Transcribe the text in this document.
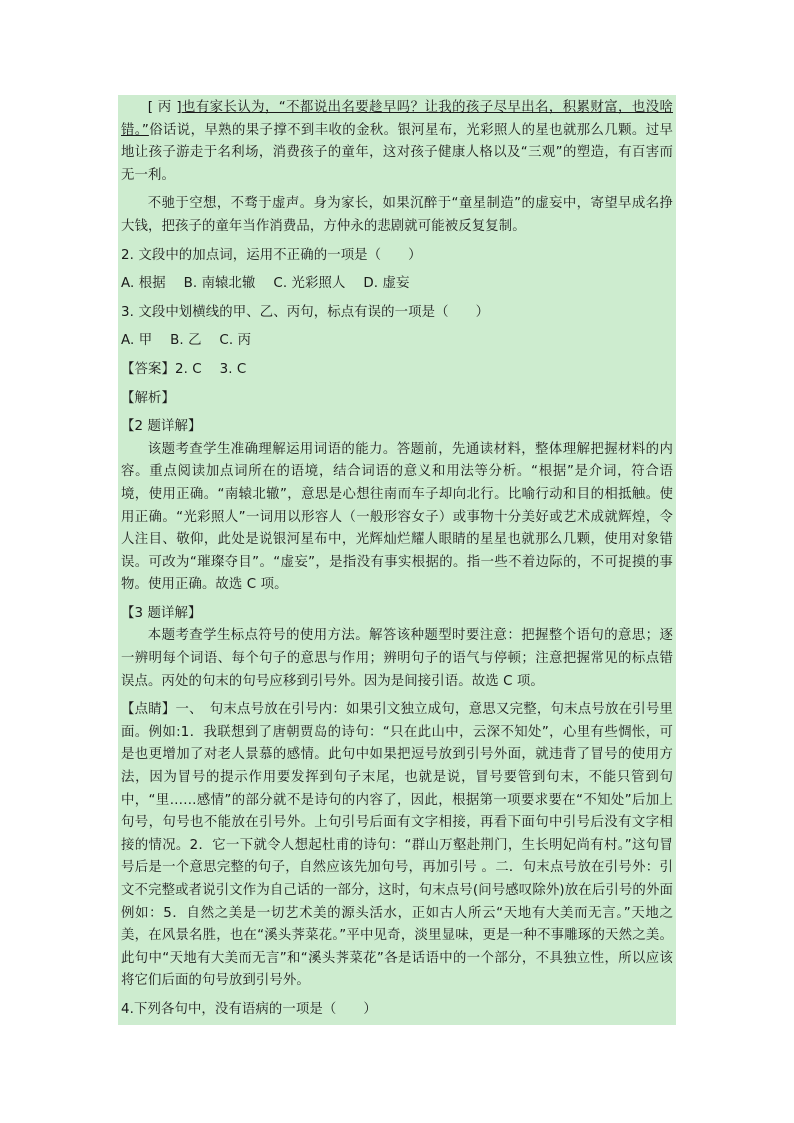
[ 丙 ]也有家长认为，“不都说出名要趁早吗？让我的孩子尽早出名，积累财富，也没啥错。”俗话说，早熟的果子撑不到丰收的金秋。银河星布，光彩照人的星也就那么几颗。过早地让孩子游走于名利场，消费孩子的童年，这对孩子健康人格以及“三观”的塑造，有百害而无一利。

不驰于空想，不骛于虚声。身为家长，如果沉醉于“童星制造”的虚妄中，寄望早成名挣大钱，把孩子的童年当作消费品，方仲永的悲剧就可能被反复复制。

2. 文段中的加点词，运用不正确的一项是（　　）

A. 根据　 B. 南辕北辙　 C. 光彩照人　 D. 虚妄

3. 文段中划横线的甲、乙、丙句，标点有误的一项是（　　）

A. 甲　 B. 乙　 C. 丙

【答案】2. C　 3. C

【解析】

【2 题详解】

该题考查学生准确理解运用词语的能力。答题前，先通读材料，整体理解把握材料的内容。重点阅读加点词所在的语境，结合词语的意义和用法等分析。“根据”是介词，符合语境，使用正确。“南辕北辙”，意思是心想往南而车子却向北行。比喻行动和目的相抵触。使用正确。“光彩照人”一词用以形容人（一般形容女子）或事物十分美好或艺术成就辉煌，令人注目、敬仰，此处是说银河星布中，光辉灿烂耀人眼睛的星星也就那么几颗，使用对象错误。可改为“璀璨夺目”。“虚妄”，是指没有事实根据的。指一些不着边际的，不可捉摸的事物。使用正确。故选 C 项。

【3 题详解】

本题考查学生标点符号的使用方法。解答该种题型时要注意：把握整个语句的意思；逐一辨明每个词语、每个句子的意思与作用；辨明句子的语气与停顿；注意把握常见的标点错误点。丙处的句末的句号应移到引号外。因为是间接引语。故选 C 项。

【点睛】一、　句末点号放在引号内：如果引文独立成句，意思又完整，句末点号放在引号里面。例如:1．我联想到了唐朝贾岛的诗句：“只在此山中，云深不知处”，心里有些惆怅，可是也更增加了对老人景慕的感情。此句中如果把逗号放到引号外面，就违背了冒号的使用方法，因为冒号的提示作用要发挥到句子末尾，也就是说，冒号要管到句末，不能只管到句中，“里……感情”的部分就不是诗句的内容了，因此，根据第一项要求要在“不知处”后加上句号，句号也不能放在引号外。上句引号后面有文字相接，再看下面句中引号后没有文字相接的情况。2．它一下就令人想起杜甫的诗句：“群山万壑赴荆门，生长明妃尚有村。”这句冒号后是一个意思完整的句子，自然应该先加句号，再加引号 。二．句末点号放在引号外：引文不完整或者说引文作为自己话的一部分，这时，句末点号(问号感叹除外)放在后引号的外面例如：5．自然之美是一切艺术美的源头活水，正如古人所云“天地有大美而无言。”天地之美，在风景名胜，也在“溪头荠菜花。”平中见奇，淡里显味，更是一种不事雕琢的天然之美。此句中“天地有大美而无言”和“溪头荠菜花”各是话语中的一个部分，不具独立性，所以应该将它们后面的句号放到引号外。

4.下列各句中，没有语病的一项是（　　）
